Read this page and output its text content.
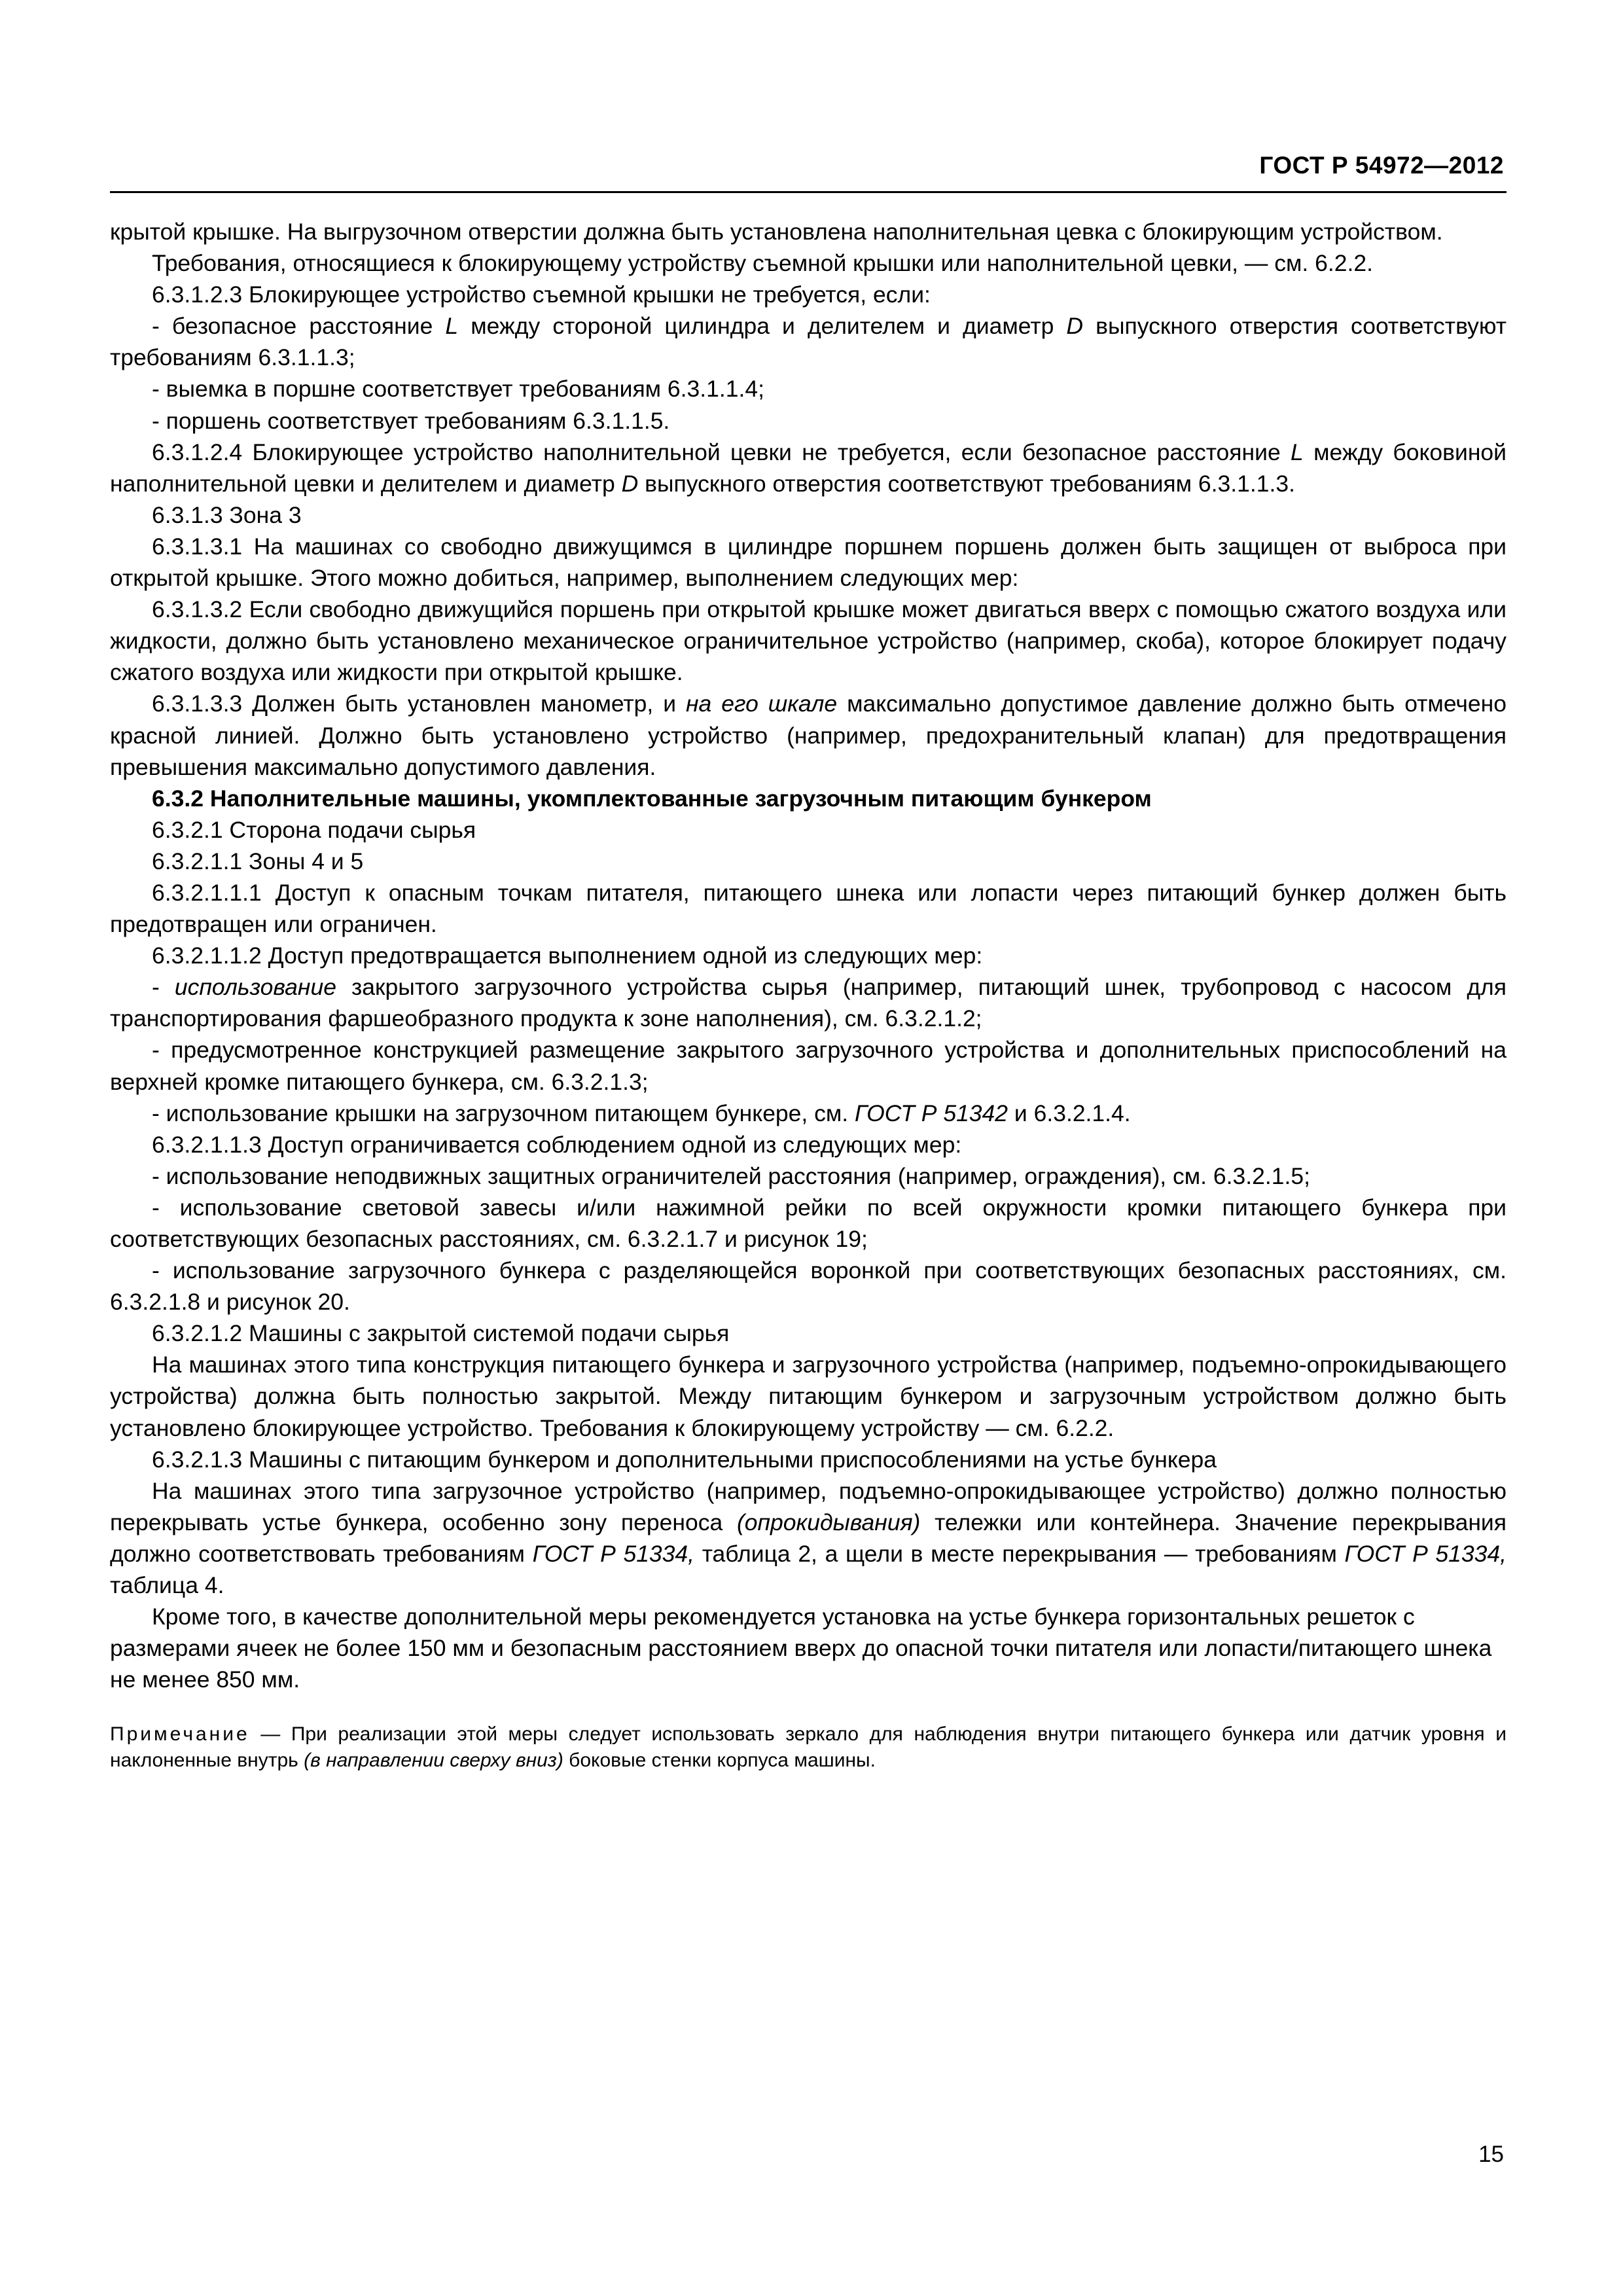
ГОСТ Р 54972—2012

крытой крышке. На выгрузочном отверстии должна быть установлена наполнительная цевка с блокирующим устройством.

Требования, относящиеся к блокирующему устройству съемной крышки или наполнительной цевки, — см. 6.2.2.

6.3.1.2.3 Блокирующее устройство съемной крышки не требуется, если:

- безопасное расстояние L между стороной цилиндра и делителем и диаметр D выпускного отверстия соответствуют требованиям 6.3.1.1.3;

- выемка в поршне соответствует требованиям 6.3.1.1.4;

- поршень соответствует требованиям 6.3.1.1.5.

6.3.1.2.4 Блокирующее устройство наполнительной цевки не требуется, если безопасное расстояние L между боковиной наполнительной цевки и делителем и диаметр D выпускного отверстия соответствуют требованиям 6.3.1.1.3.

6.3.1.3 Зона 3

6.3.1.3.1 На машинах со свободно движущимся в цилиндре поршнем поршень должен быть защищен от выброса при открытой крышке. Этого можно добиться, например, выполнением следующих мер:

6.3.1.3.2 Если свободно движущийся поршень при открытой крышке может двигаться вверх с помощью сжатого воздуха или жидкости, должно быть установлено механическое ограничительное устройство (например, скоба), которое блокирует подачу сжатого воздуха или жидкости при открытой крышке.

6.3.1.3.3 Должен быть установлен манометр, и на его шкале максимально допустимое давление должно быть отмечено красной линией. Должно быть установлено устройство (например, предохранительный клапан) для предотвращения превышения максимально допустимого давления.

6.3.2 Наполнительные машины, укомплектованные загрузочным питающим бункером

6.3.2.1 Сторона подачи сырья

6.3.2.1.1 Зоны 4 и 5

6.3.2.1.1.1 Доступ к опасным точкам питателя, питающего шнека или лопасти через питающий бункер должен быть предотвращен или ограничен.

6.3.2.1.1.2 Доступ предотвращается выполнением одной из следующих мер:

- использование закрытого загрузочного устройства сырья (например, питающий шнек, трубопровод с насосом для транспортирования фаршеобразного продукта к зоне наполнения), см. 6.3.2.1.2;

- предусмотренное конструкцией размещение закрытого загрузочного устройства и дополнительных приспособлений на верхней кромке питающего бункера, см. 6.3.2.1.3;

- использование крышки на загрузочном питающем бункере, см. ГОСТ Р 51342 и 6.3.2.1.4.

6.3.2.1.1.3 Доступ ограничивается соблюдением одной из следующих мер:

- использование неподвижных защитных ограничителей расстояния (например, ограждения), см. 6.3.2.1.5;

- использование световой завесы и/или нажимной рейки по всей окружности кромки питающего бункера при соответствующих безопасных расстояниях, см. 6.3.2.1.7 и рисунок 19;

- использование загрузочного бункера с разделяющейся воронкой при соответствующих безопасных расстояниях, см. 6.3.2.1.8 и рисунок 20.

6.3.2.1.2 Машины с закрытой системой подачи сырья

На машинах этого типа конструкция питающего бункера и загрузочного устройства (например, подъемно-опрокидывающего устройства) должна быть полностью закрытой. Между питающим бункером и загрузочным устройством должно быть установлено блокирующее устройство. Требования к блокирующему устройству — см. 6.2.2.

6.3.2.1.3 Машины с питающим бункером и дополнительными приспособлениями на устье бункера

На машинах этого типа загрузочное устройство (например, подъемно-опрокидывающее устройство) должно полностью перекрывать устье бункера, особенно зону переноса (опрокидывания) тележки или контейнера. Значение перекрывания должно соответствовать требованиям ГОСТ Р 51334, таблица 2, а щели в месте перекрывания — требованиям ГОСТ Р 51334, таблица 4.

Кроме того, в качестве дополнительной меры рекомендуется установка на устье бункера горизонтальных решеток с размерами ячеек не более 150 мм и безопасным расстоянием вверх до опасной точки питателя или лопасти/питающего шнека не менее 850 мм.

Примечание — При реализации этой меры следует использовать зеркало для наблюдения внутри питающего бункера или датчик уровня и наклоненные внутрь (в направлении сверху вниз) боковые стенки корпуса машины.
15
